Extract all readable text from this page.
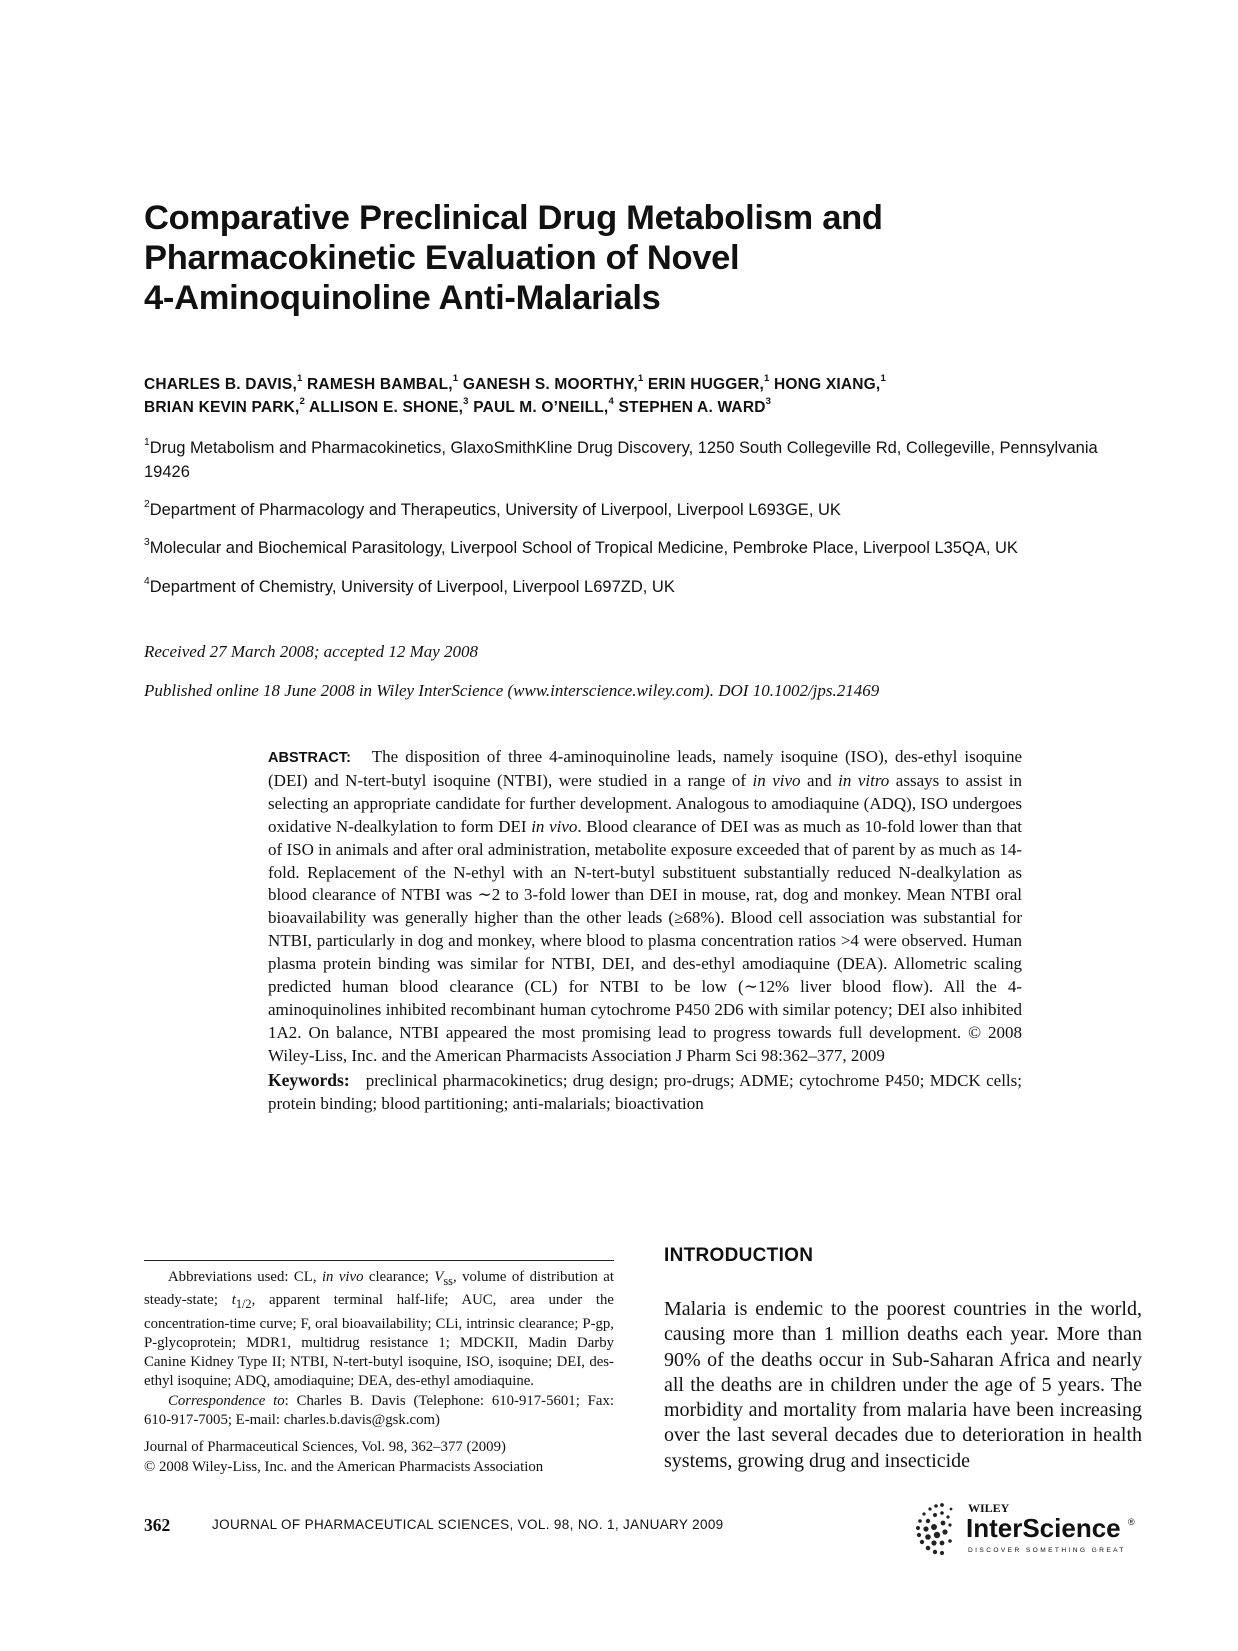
Comparative Preclinical Drug Metabolism and
Pharmacokinetic Evaluation of Novel
4-Aminoquinoline Anti-Malarials
CHARLES B. DAVIS,$^1$ RAMESH BAMBAL,$^1$ GANESH S. MOORTHY,$^1$ ERIN HUGGER,$^1$ HONG XIANG,$^1$
BRIAN KEVIN PARK,$^2$ ALLISON E. SHONE,$^3$ PAUL M. O’NEILL,$^4$ STEPHEN A. WARD$^3$
$^1$Drug Metabolism and Pharmacokinetics, GlaxoSmithKline Drug Discovery, 1250 South Collegeville Rd, Collegeville, Pennsylvania 19426
$^2$Department of Pharmacology and Therapeutics, University of Liverpool, Liverpool L693GE, UK
$^3$Molecular and Biochemical Parasitology, Liverpool School of Tropical Medicine, Pembroke Place, Liverpool L35QA, UK
$^4$Department of Chemistry, University of Liverpool, Liverpool L697ZD, UK
Received 27 March 2008; accepted 12 May 2008
Published online 18 June 2008 in Wiley InterScience (www.interscience.wiley.com). DOI 10.1002/jps.21469

ABSTRACT: The disposition of three 4-aminoquinoline leads, namely isoquine (ISO), des-ethyl isoquine (DEI) and N-tert-butyl isoquine (NTBI), were studied in a range of in vivo and in vitro assays to assist in selecting an appropriate candidate for further development. Analogous to amodiaquine (ADQ), ISO undergoes oxidative N-dealkylation to form DEI in vivo. Blood clearance of DEI was as much as 10-fold lower than that of ISO in animals and after oral administration, metabolite exposure exceeded that of parent by as much as 14-fold. Replacement of the N-ethyl with an N-tert-butyl substituent substantially reduced N-dealkylation as blood clearance of NTBI was ∼2 to 3-fold lower than DEI in mouse, rat, dog and monkey. Mean NTBI oral bioavailability was generally higher than the other leads (≥68%). Blood cell association was substantial for NTBI, particularly in dog and monkey, where blood to plasma concentration ratios >4 were observed. Human plasma protein binding was similar for NTBI, DEI, and des-ethyl amodiaquine (DEA). Allometric scaling predicted human blood clearance (CL) for NTBI to be low (∼12% liver blood flow). All the 4-aminoquinolines inhibited recombinant human cytochrome P450 2D6 with similar potency; DEI also inhibited 1A2. On balance, NTBI appeared the most promising lead to progress towards full development. © 2008 Wiley-Liss, Inc. and the American Pharmacists Association J Pharm Sci 98:362–377, 2009

Keywords: preclinical pharmacokinetics; drug design; pro-drugs; ADME; cytochrome P450; MDCK cells; protein binding; blood partitioning; anti-malarials; bioactivation

Abbreviations used: CL, in vivo clearance; $V_{ss}$, volume of distribution at steady-state; $t_{1/2}$, apparent terminal half-life; AUC, area under the concentration-time curve; F, oral bioavailability; CLi, intrinsic clearance; P-gp, P-glycoprotein; MDR1, multidrug resistance 1; MDCKII, Madin Darby Canine Kidney Type II; NTBI, N-tert-butyl isoquine, ISO, isoquine; DEI, des-ethyl isoquine; ADQ, amodiaquine; DEA, des-ethyl amodiaquine.

Correspondence to: Charles B. Davis (Telephone: 610-917-5601; Fax: 610-917-7005; E-mail: charles.b.davis@gsk.com)

Journal of Pharmaceutical Sciences, Vol. 98, 362–377 (2009)

© 2008 Wiley-Liss, Inc. and the American Pharmacists Association

INTRODUCTION

Malaria is endemic to the poorest countries in the world, causing more than 1 million deaths each year. More than 90% of the deaths occur in Sub-Saharan Africa and nearly all the deaths are in children under the age of 5 years. The morbidity and mortality from malaria have been increasing over the last several decades due to deterioration in health systems, growing drug and insecticide

362	JOURNAL OF PHARMACEUTICAL SCIENCES, VOL. 98, NO. 1, JANUARY 2009
WILEY
InterScience ®
DISCOVER SOMETHING GREAT
